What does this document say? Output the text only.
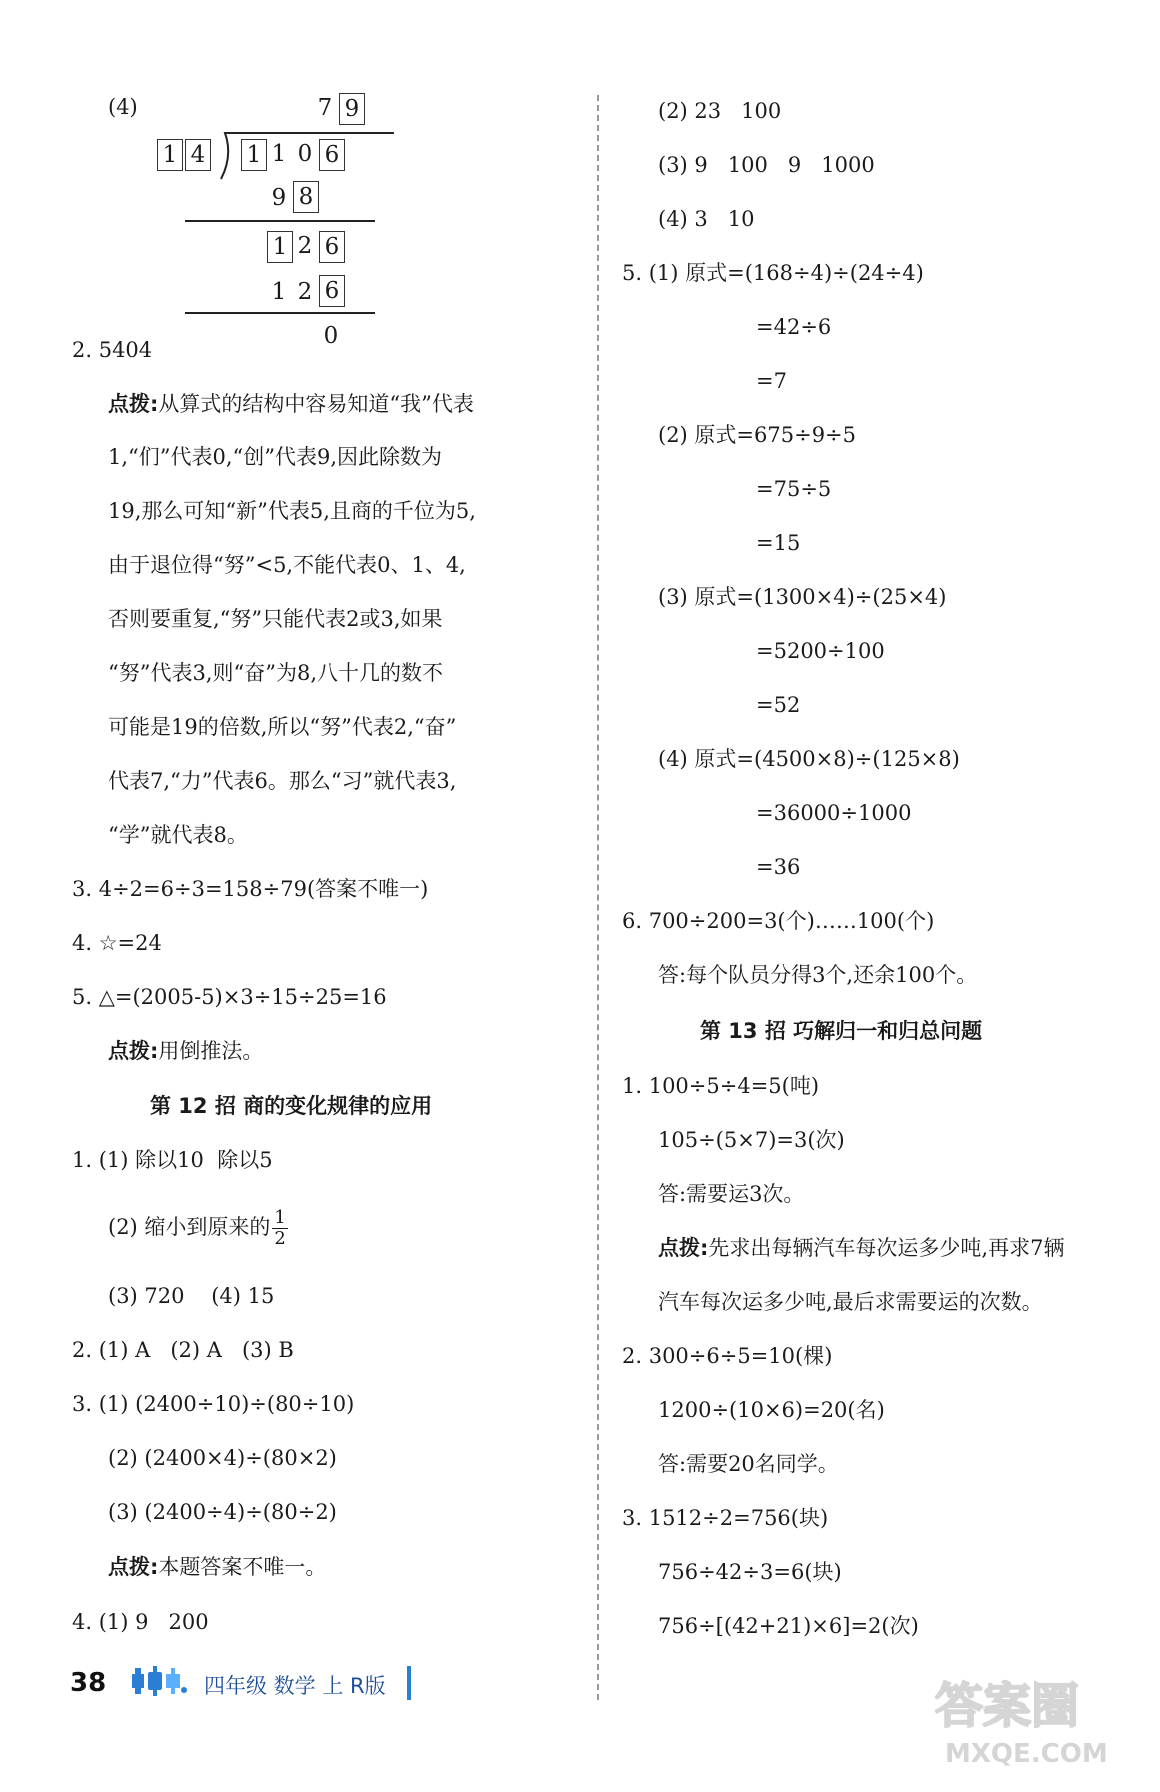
(4)	7 9
1 4 1 1 0 6
9 8
1 2 6
1 2 6
0
2. 5404
点拨:从算式的结构中容易知道“我”代表
1,“们”代表0,“创”代表9,因此除数为
19,那么可知“新”代表5,且商的千位为5,
由于退位得“努”<5,不能代表0、1、4,
否则要重复,“努”只能代表2或3,如果
“努”代表3,则“奋”为8,八十几的数不
可能是19的倍数,所以“努”代表2,“奋”
代表7,“力”代表6。那么“习”就代表3,
“学”就代表8。
3. 4÷2=6÷3=158÷79(答案不唯一)
4. ☆=24
5. △=(2005-5)×3÷15÷25=16
点拨:用倒推法。
第 12 招 商的变化规律的应用
1. (1) 除以10  除以5
(2) 缩小到原来的 $\frac{1}{2}$
(3) 720    (4) 15
2. (1) A   (2) A   (3) B
3. (1) (2400÷10)÷(80÷10)
(2) (2400×4)÷(80×2)
(3) (2400÷4)÷(80÷2)
点拨:本题答案不唯一。
4. (1) 9   200
(2) 23   100
(3) 9   100   9   1000
(4) 3   10
5. (1) 原式=(168÷4)÷(24÷4)
=42÷6
=7
(2) 原式=675÷9÷5
=75÷5
=15
(3) 原式=(1300×4)÷(25×4)
=5200÷100
=52
(4) 原式=(4500×8)÷(125×8)
=36000÷1000
=36
6. 700÷200=3(个)……100(个)
答:每个队员分得3个,还余100个。
第 13 招 巧解归一和归总问题
1. 100÷5÷4=5(吨)
105÷(5×7)=3(次)
答:需要运3次。
点拨:先求出每辆汽车每次运多少吨,再求7辆
汽车每次运多少吨,最后求需要运的次数。
2. 300÷6÷5=10(棵)
1200÷(10×6)=20(名)
答:需要20名同学。
3. 1512÷2=756(块)
756÷42÷3=6(块)
756÷[(42+21)×6]=2(次)
38	四年级 数学 上 R版	答案圈
MXQE.COM
